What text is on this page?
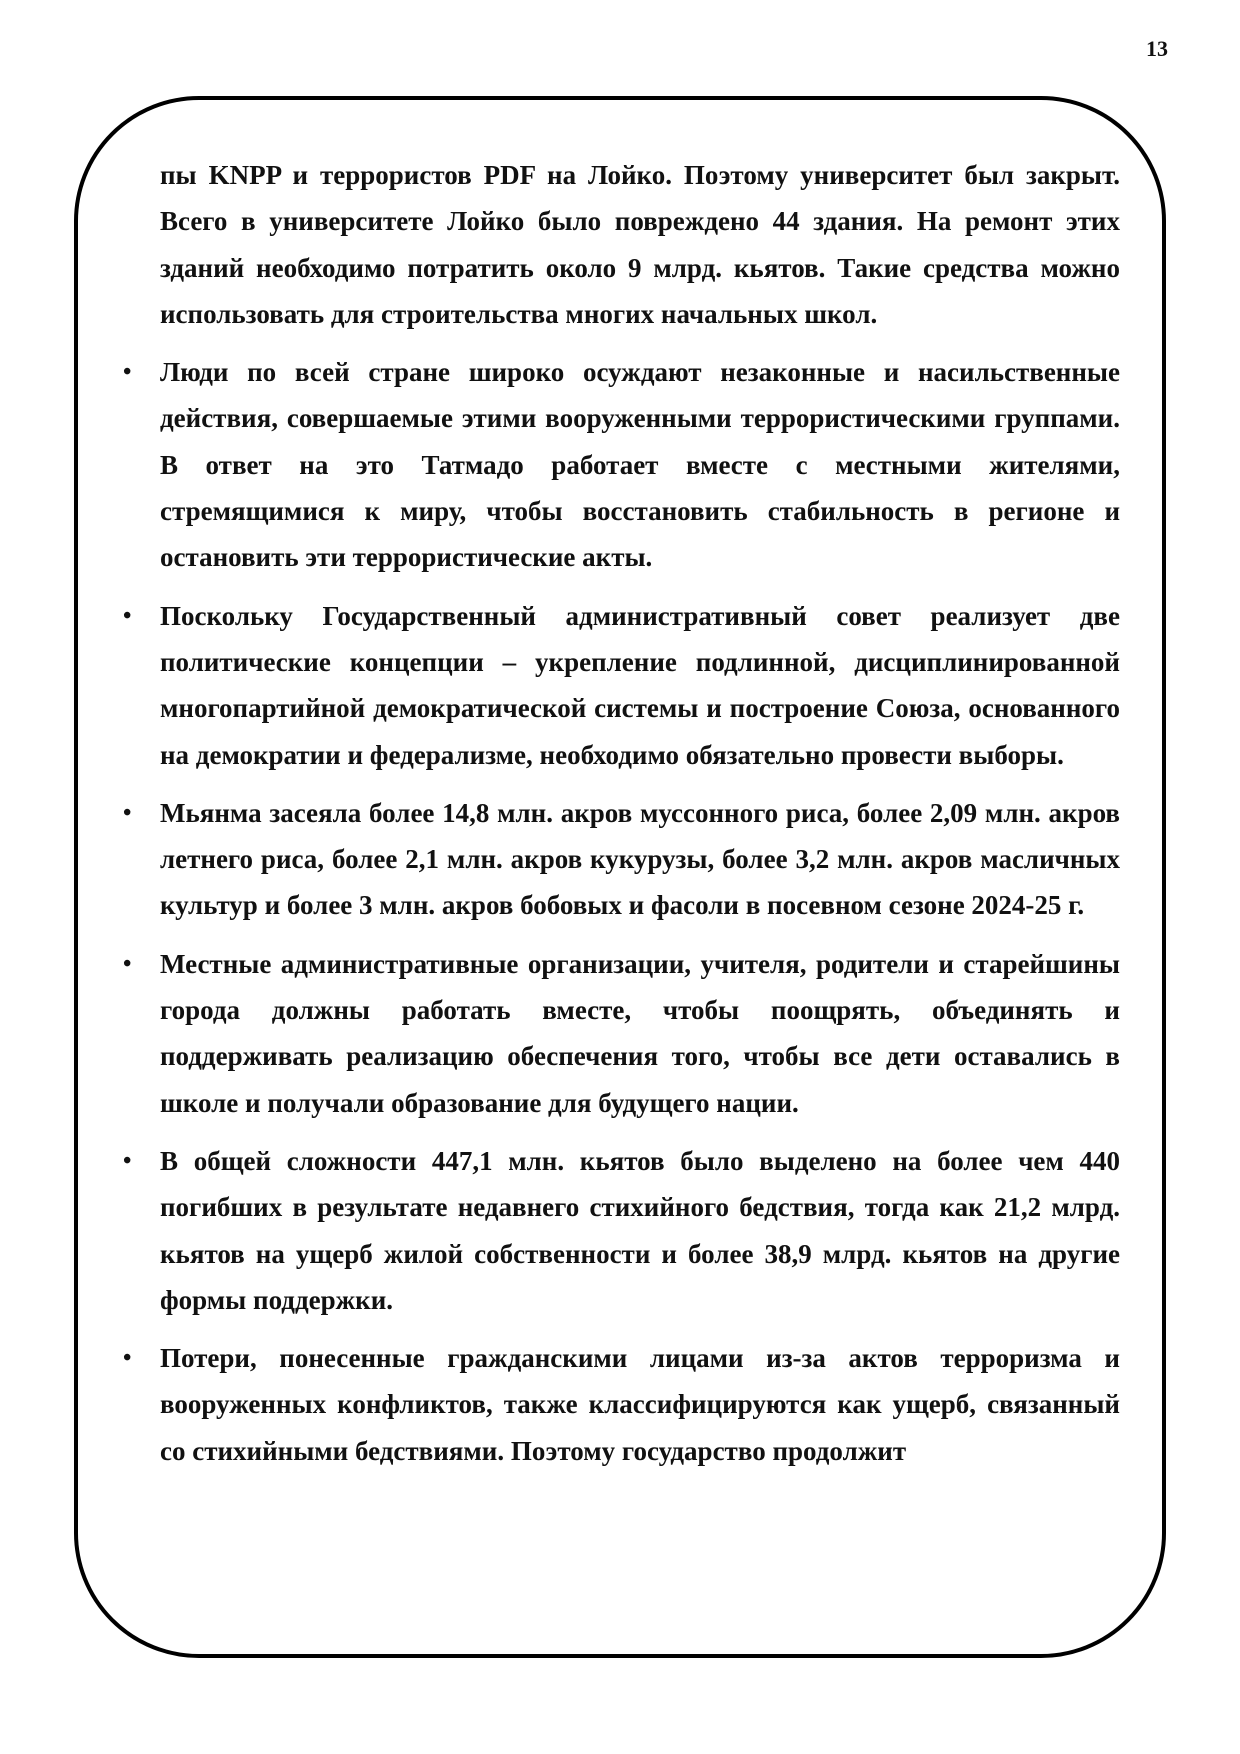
13

пы KNPP и террористов PDF на Лойко. Поэтому университет был закрыт. Всего в университете Лойко было повреждено 44 здания. На ремонт этих зданий необходимо потратить около 9 млрд. кьятов. Такие средства можно использовать для строительства многих начальных школ.

• Люди по всей стране широко осуждают незаконные и насильственные действия, совершаемые этими вооруженными террористическими группами. В ответ на это Татмадо работает вместе с местными жителями, стремящимися к миру, чтобы восстановить стабильность в регионе и остановить эти террористические акты.
• Поскольку Государственный административный совет реализует две политические концепции – укрепление подлинной, дисциплинированной многопартийной демократической системы и построение Союза, основанного на демократии и федерализме, необходимо обязательно провести выборы.
• Мьянма засеяла более 14,8 млн. акров муссонного риса, более 2,09 млн. акров летнего риса, более 2,1 млн. акров кукурузы, более 3,2 млн. акров масличных культур и более 3 млн. акров бобовых и фасоли в посевном сезоне 2024-25 г.
• Местные административные организации, учителя, родители и старейшины города должны работать вместе, чтобы поощрять, объединять и поддерживать реализацию обеспечения того, чтобы все дети оставались в школе и получали образование для будущего нации.
• В общей сложности 447,1 млн. кьятов было выделено на более чем 440 погибших в результате недавнего стихийного бедствия, тогда как 21,2 млрд. кьятов на ущерб жилой собственности и более 38,9 млрд. кьятов на другие формы поддержки.
• Потери, понесенные гражданскими лицами из-за актов терроризма и вооруженных конфликтов, также классифицируются как ущерб, связанный со стихийными бедствиями. Поэтому государство продолжит
